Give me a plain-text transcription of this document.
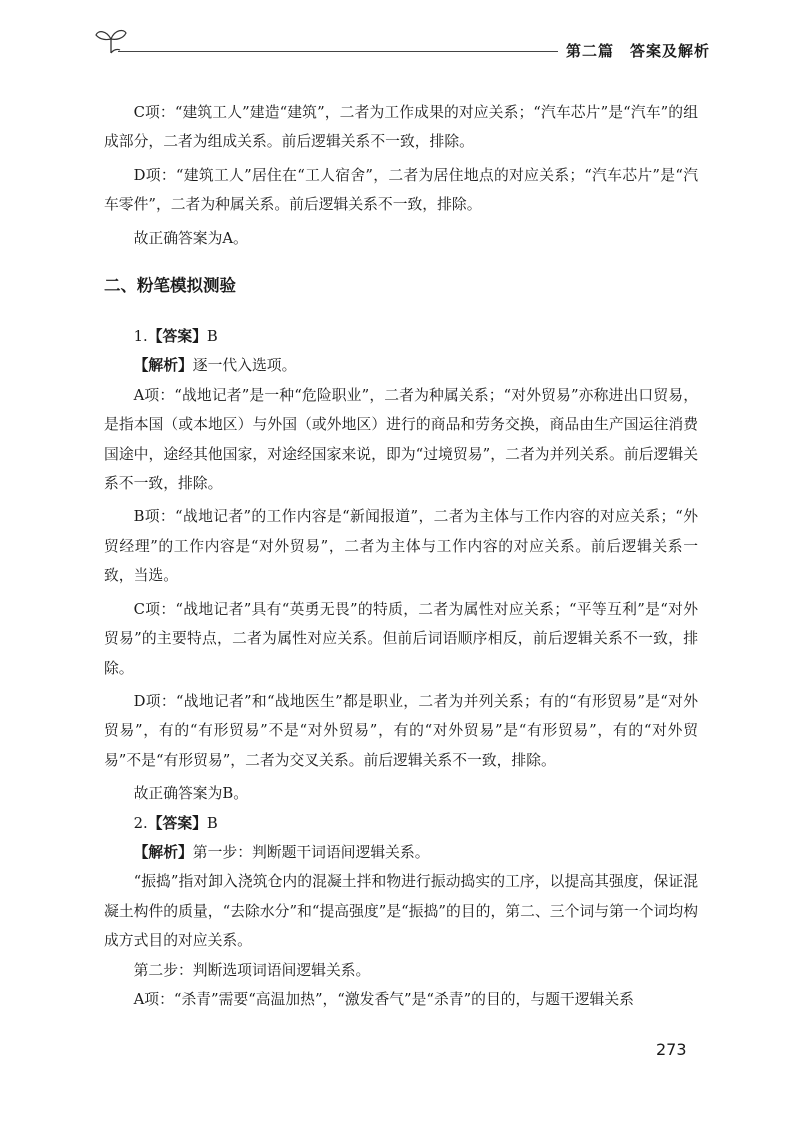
第二篇　答案及解析

C项：“建筑工人”建造“建筑”，二者为工作成果的对应关系；“汽车芯片”是“汽车”的组成部分，二者为组成关系。前后逻辑关系不一致，排除。

D项：“建筑工人”居住在“工人宿舍”，二者为居住地点的对应关系；“汽车芯片”是“汽车零件”，二者为种属关系。前后逻辑关系不一致，排除。

故正确答案为A。

二、粉笔模拟测验

1.【答案】B

【解析】逐一代入选项。

A项：“战地记者”是一种“危险职业”，二者为种属关系；“对外贸易”亦称进出口贸易，是指本国（或本地区）与外国（或外地区）进行的商品和劳务交换，商品由生产国运往消费国途中，途经其他国家，对途经国家来说，即为“过境贸易”，二者为并列关系。前后逻辑关系不一致，排除。

B项：“战地记者”的工作内容是“新闻报道”，二者为主体与工作内容的对应关系；“外贸经理”的工作内容是“对外贸易”，二者为主体与工作内容的对应关系。前后逻辑关系一致，当选。

C项：“战地记者”具有“英勇无畏”的特质，二者为属性对应关系；“平等互利”是“对外贸易”的主要特点，二者为属性对应关系。但前后词语顺序相反，前后逻辑关系不一致，排除。

D项：“战地记者”和“战地医生”都是职业，二者为并列关系；有的“有形贸易”是“对外贸易”，有的“有形贸易”不是“对外贸易”，有的“对外贸易”是“有形贸易”，有的“对外贸易”不是“有形贸易”，二者为交叉关系。前后逻辑关系不一致，排除。

故正确答案为B。

2.【答案】B

【解析】第一步：判断题干词语间逻辑关系。

“振捣”指对卸入浇筑仓内的混凝土拌和物进行振动捣实的工序，以提高其强度，保证混凝土构件的质量，“去除水分”和“提高强度”是“振捣”的目的，第二、三个词与第一个词均构成方式目的对应关系。

第二步：判断选项词语间逻辑关系。

A项：“杀青”需要“高温加热”，“激发香气”是“杀青”的目的，与题干逻辑关系

273
